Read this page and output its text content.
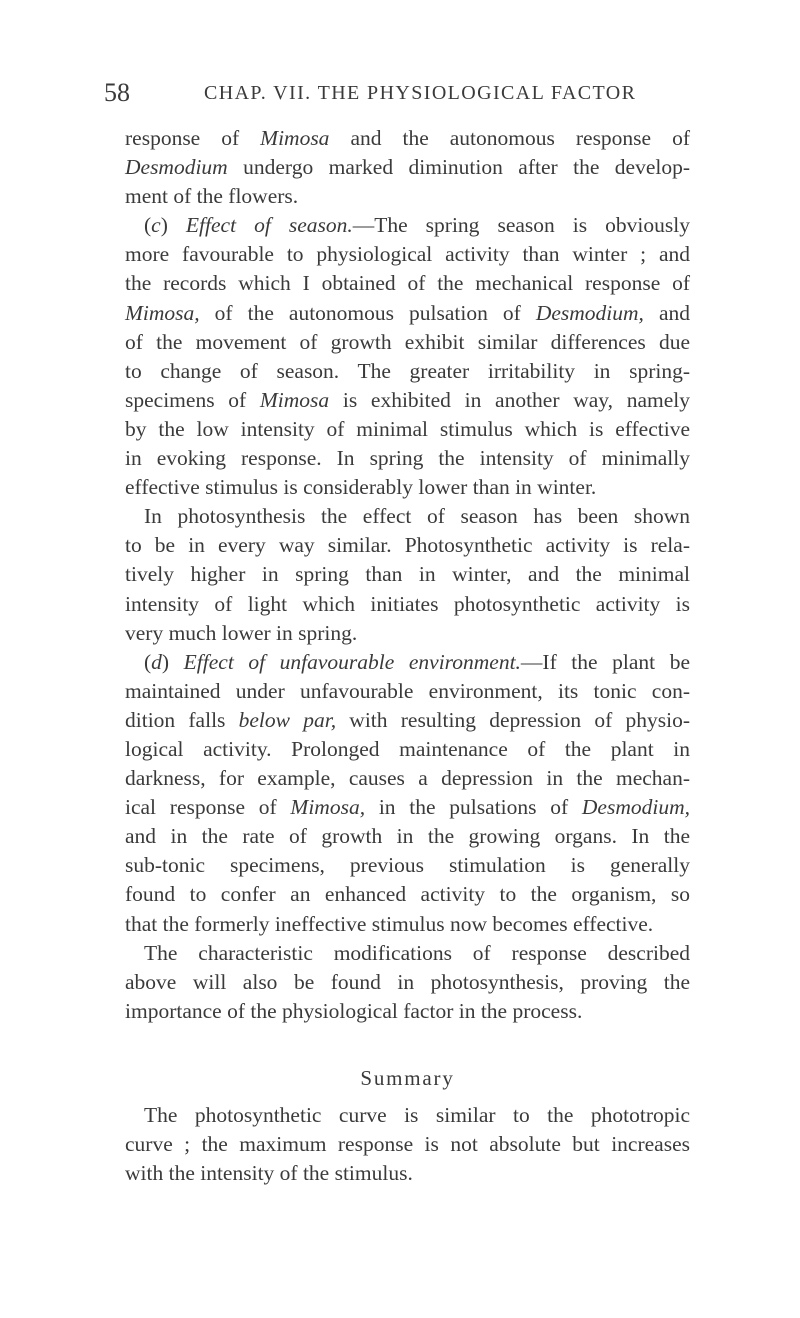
58	CHAP. VII. THE PHYSIOLOGICAL FACTOR
response of Mimosa and the autonomous response of
Desmodium undergo marked diminution after the develop-
ment of the flowers.
(c) Effect of season.—The spring season is obviously
more favourable to physiological activity than winter ; and
the records which I obtained of the mechanical response of
Mimosa, of the autonomous pulsation of Desmodium, and
of the movement of growth exhibit similar differences due
to change of season. The greater irritability in spring-
specimens of Mimosa is exhibited in another way, namely
by the low intensity of minimal stimulus which is effective
in evoking response. In spring the intensity of minimally
effective stimulus is considerably lower than in winter.
In photosynthesis the effect of season has been shown
to be in every way similar. Photosynthetic activity is rela-
tively higher in spring than in winter, and the minimal
intensity of light which initiates photosynthetic activity is
very much lower in spring.
(d) Effect of unfavourable environment.—If the plant be
maintained under unfavourable environment, its tonic con-
dition falls below par, with resulting depression of physio-
logical activity. Prolonged maintenance of the plant in
darkness, for example, causes a depression in the mechan-
ical response of Mimosa, in the pulsations of Desmodium,
and in the rate of growth in the growing organs. In the
sub-tonic specimens, previous stimulation is generally
found to confer an enhanced activity to the organism, so
that the formerly ineffective stimulus now becomes effective.
The characteristic modifications of response described
above will also be found in photosynthesis, proving the
importance of the physiological factor in the process.
Summary
The photosynthetic curve is similar to the phototropic
curve ; the maximum response is not absolute but increases
with the intensity of the stimulus.
